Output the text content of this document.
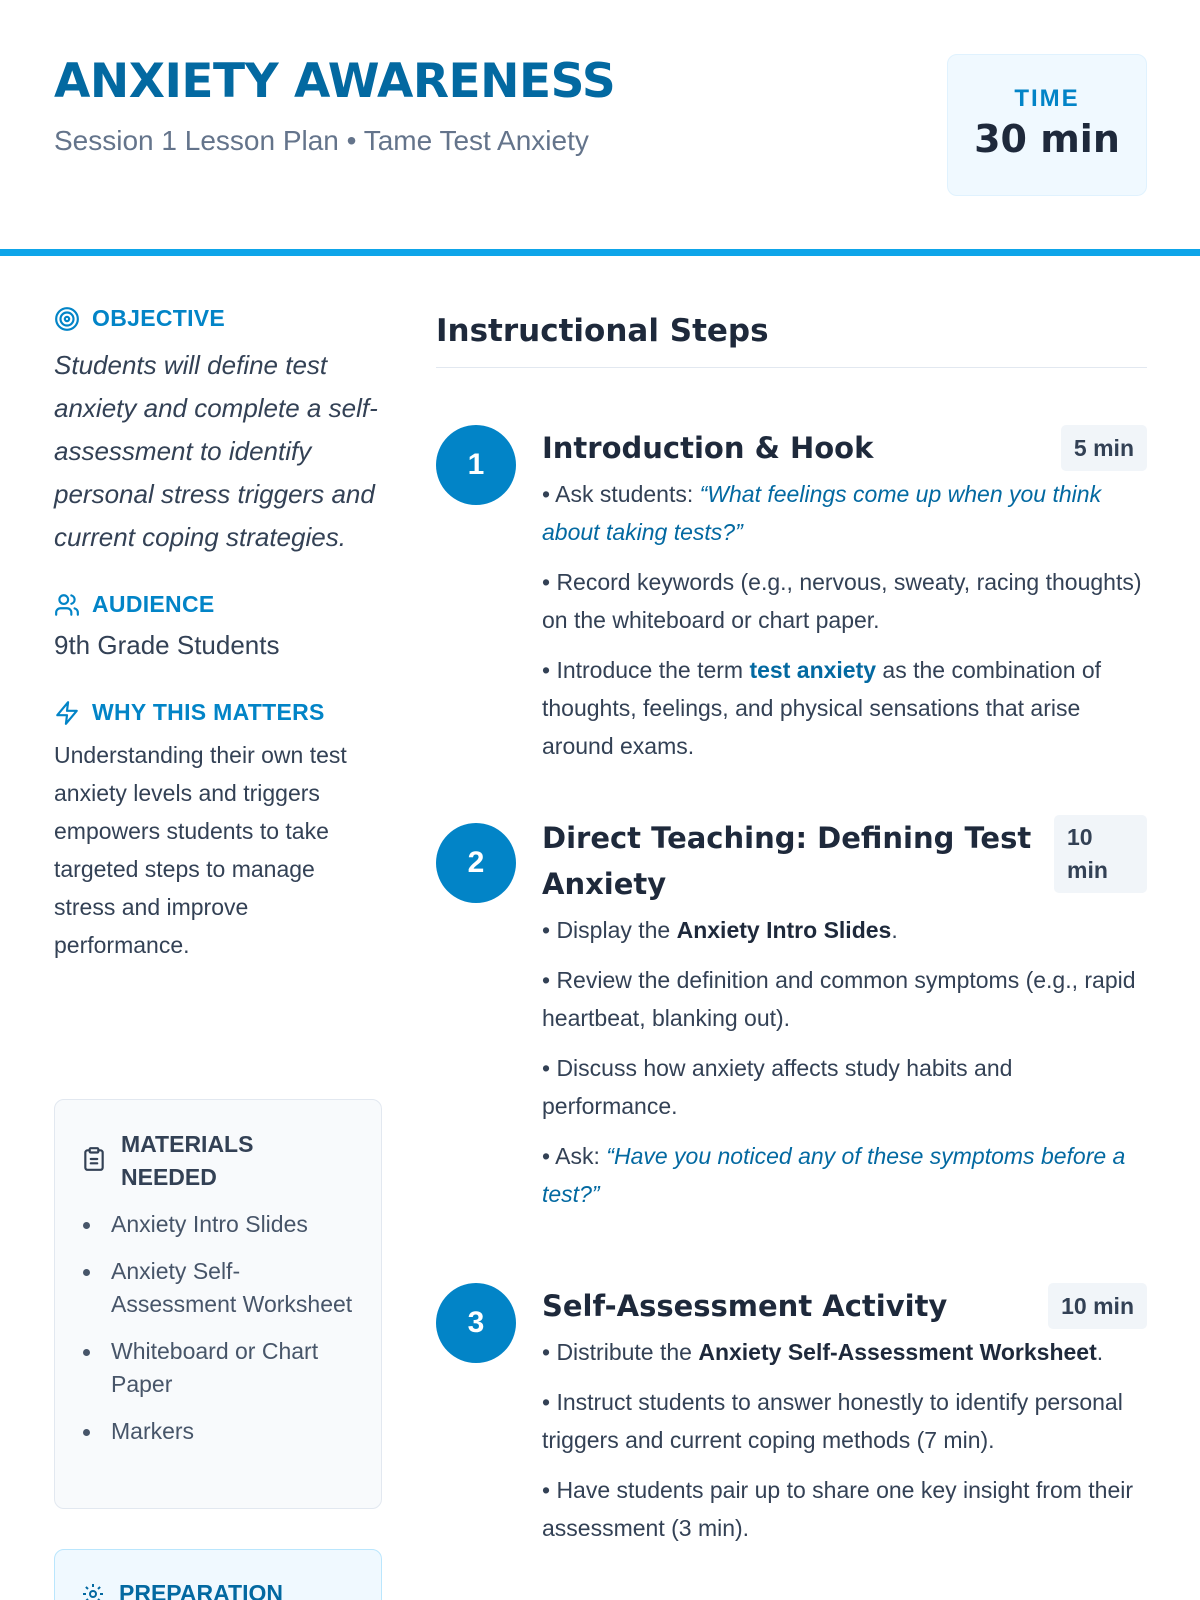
ANXIETY AWARENESS
Session 1 Lesson Plan • Tame Test Anxiety
TIME
30 min
OBJECTIVE
Students will define test anxiety and complete a self-assessment to identify personal stress triggers and current coping strategies.
AUDIENCE
9th Grade Students
WHY THIS MATTERS
Understanding their own test anxiety levels and triggers empowers students to take targeted steps to manage stress and improve performance.
MATERIALS NEEDED
Anxiety Intro Slides
Anxiety Self-Assessment Worksheet
Whiteboard or Chart Paper
Markers
PREPARATION
Instructional Steps
1	Introduction & Hook	5 min
• Ask students: “What feelings come up when you think about taking tests?”
• Record keywords (e.g., nervous, sweaty, racing thoughts) on the whiteboard or chart paper.
• Introduce the term test anxiety as the combination of thoughts, feelings, and physical sensations that arise around exams.
2
Direct Teaching: Defining Test Anxiety
10 min
• Display the Anxiety Intro Slides.
• Review the definition and common symptoms (e.g., rapid heartbeat, blanking out).
• Discuss how anxiety affects study habits and performance.
• Ask: “Have you noticed any of these symptoms before a test?”
3	Self-Assessment Activity	10 min
• Distribute the Anxiety Self-Assessment Worksheet.
• Instruct students to answer honestly to identify personal triggers and current coping methods (7 min).
• Have students pair up to share one key insight from their assessment (3 min).
